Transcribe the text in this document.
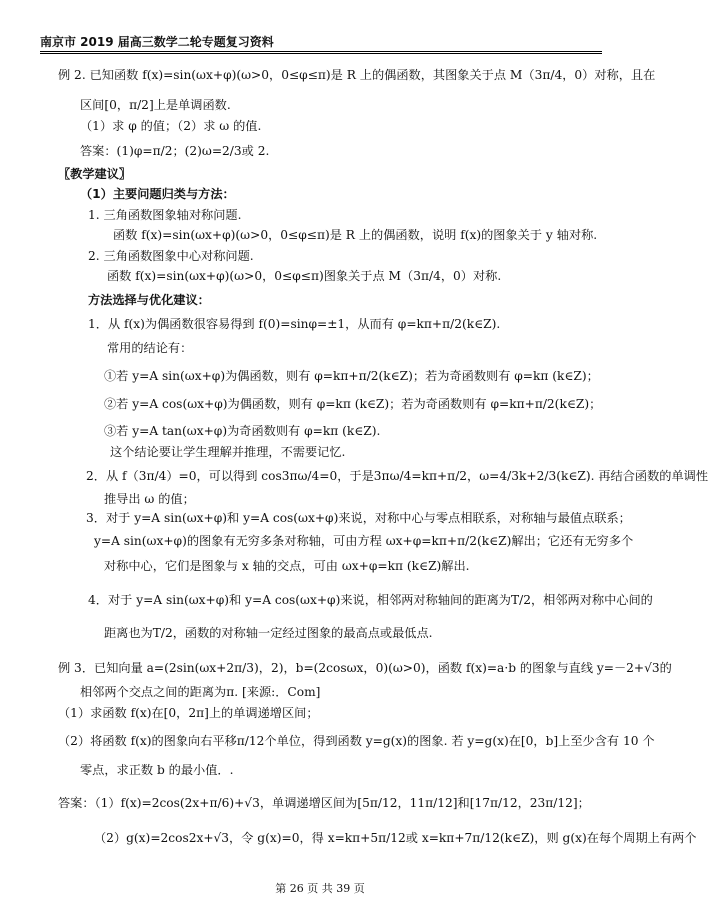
南京市 2019 届高三数学二轮专题复习资料
例 2. 已知函数 f(x)=sin(ωx+φ)(ω>0，0≤φ≤π)是 R 上的偶函数，其图象关于点 M（3π/4，0）对称，且在
区间[0，π/2]上是单调函数.
（1）求 φ 的值；（2）求 ω 的值.
答案：(1)φ=π/2；(2)ω=2/3或 2.
〖教学建议〗
（1）主要问题归类与方法：
1. 三角函数图象轴对称问题.
函数 f(x)=sin(ωx+φ)(ω>0，0≤φ≤π)是 R 上的偶函数，说明 f(x)的图象关于 y 轴对称.
2. 三角函数图象中心对称问题.
函数 f(x)=sin(ωx+φ)(ω>0，0≤φ≤π)图象关于点 M（3π/4，0）对称.
方法选择与优化建议：
1．从 f(x)为偶函数很容易得到 f(0)=sinφ=±1，从而有 φ=kπ+π/2(k∈Z).
常用的结论有：
①若 y=A sin(ωx+φ)为偶函数，则有 φ=kπ+π/2(k∈Z)；若为奇函数则有 φ=kπ (k∈Z)；
②若 y=A cos(ωx+φ)为偶函数，则有 φ=kπ (k∈Z)；若为奇函数则有 φ=kπ+π/2(k∈Z)；
③若 y=A tan(ωx+φ)为奇函数则有 φ=kπ (k∈Z).
这个结论要让学生理解并推理，不需要记忆.
2．从 f（3π/4）=0，可以得到 cos3πω/4=0，于是3πω/4=kπ+π/2，ω=4/3k+2/3(k∈Z). 再结合函数的单调性
推导出 ω 的值；
3．对于 y=A sin(ωx+φ)和 y=A cos(ωx+φ)来说，对称中心与零点相联系，对称轴与最值点联系；
y=A sin(ωx+φ)的图象有无穷多条对称轴，可由方程 ωx+φ=kπ+π/2(k∈Z)解出；它还有无穷多个
对称中心，它们是图象与 x 轴的交点，可由 ωx+φ=kπ (k∈Z)解出.
4．对于 y=A sin(ωx+φ)和 y=A cos(ωx+φ)来说，相邻两对称轴间的距离为T/2，相邻两对称中心间的
距离也为T/2，函数的对称轴一定经过图象的最高点或最低点.
例 3．已知向量 a=(2sin(ωx+2π/3)，2)，b=(2cosωx，0)(ω>0)，函数 f(x)=a·b 的图象与直线 y=－2+√3的
相邻两个交点之间的距离为π. [来源:．Com]
（1）求函数 f(x)在[0，2π]上的单调递增区间；
（2）将函数 f(x)的图象向右平移π/12个单位，得到函数 y=g(x)的图象. 若 y=g(x)在[0，b]上至少含有 10 个
零点，求正数 b 的最小值．.
答案：（1）f(x)=2cos(2x+π/6)+√3，单调递增区间为[5π/12，11π/12]和[17π/12，23π/12]；
（2）g(x)=2cos2x+√3，令 g(x)=0，得 x=kπ+5π/12或 x=kπ+7π/12(k∈Z)，则 g(x)在每个周期上有两个
第 26 页 共 39 页
